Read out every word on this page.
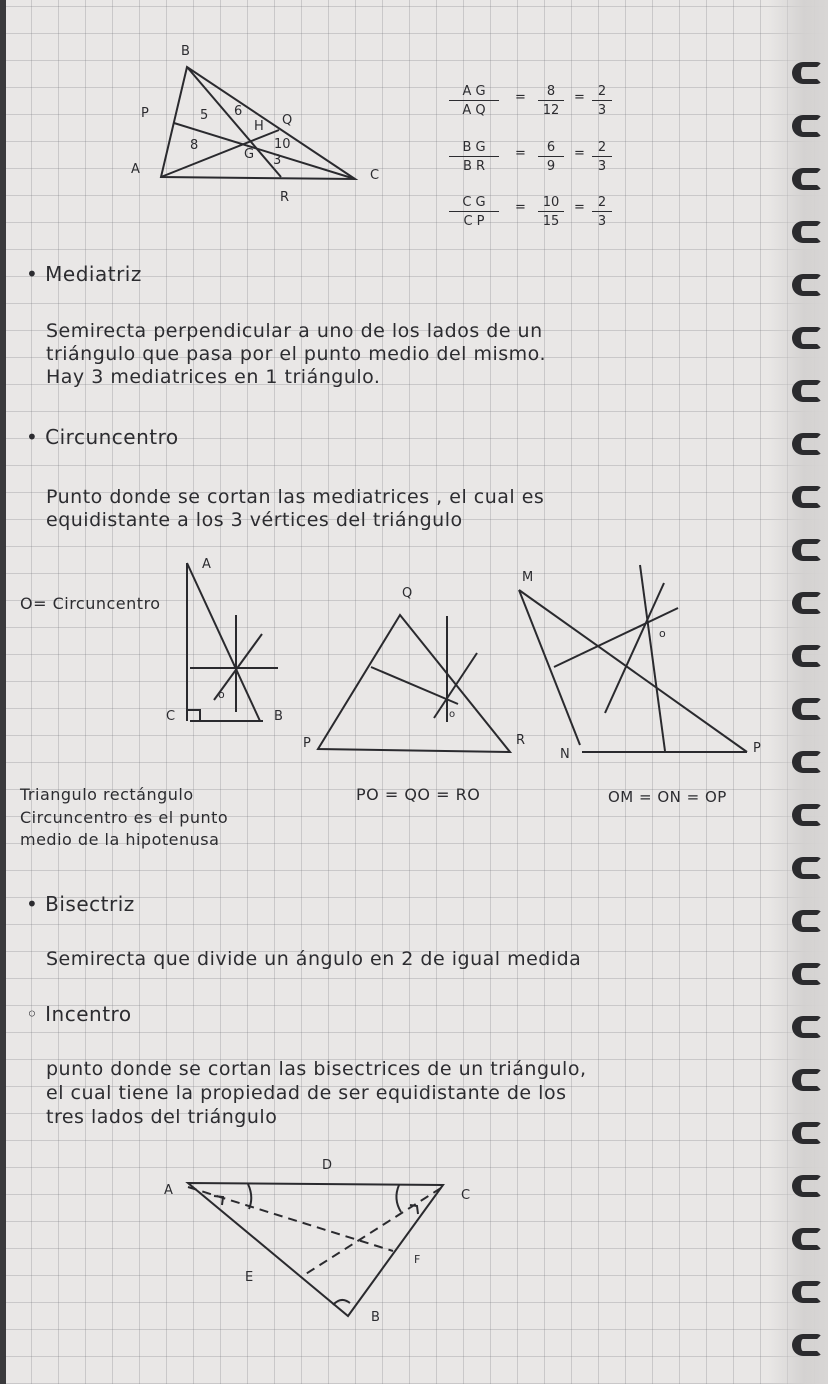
B
P
A	C
Q
R
H
G
5 6
8	10
3
$\frac{\text{A G}}{\text{A Q}} = \frac{8}{12} = \frac{2}{3}$
$\frac{\text{B G}}{\text{B R}} = \frac{6}{9} = \frac{2}{3}$
$\frac{\text{C G}}{\text{C P}} = \frac{10}{15} = \frac{2}{3}$
• Mediatriz
Semirecta perpendicular a uno de los lados de un
triángulo que pasa por el punto medio del mismo.
Hay 3 mediatrices en 1 triángulo.
• Circuncentro
Punto donde se cortan las mediatrices , el cual es
equidistante a los 3 vértices del triángulo
O= Circuncentro
A
C	B
o
Q
P	R
o
M
N	P
o
Triangulo rectángulo
Circuncentro es el punto
medio de la hipotenusa
PO = QO = RO	OM = ON = OP
• Bisectriz
Semirecta que divide un ángulo en 2 de igual medida
◦ Incentro
punto donde se cortan las bisectrices de un triángulo,
el cual tiene la propiedad de ser equidistante de los
tres lados del triángulo
A
D
C
F
E
B
